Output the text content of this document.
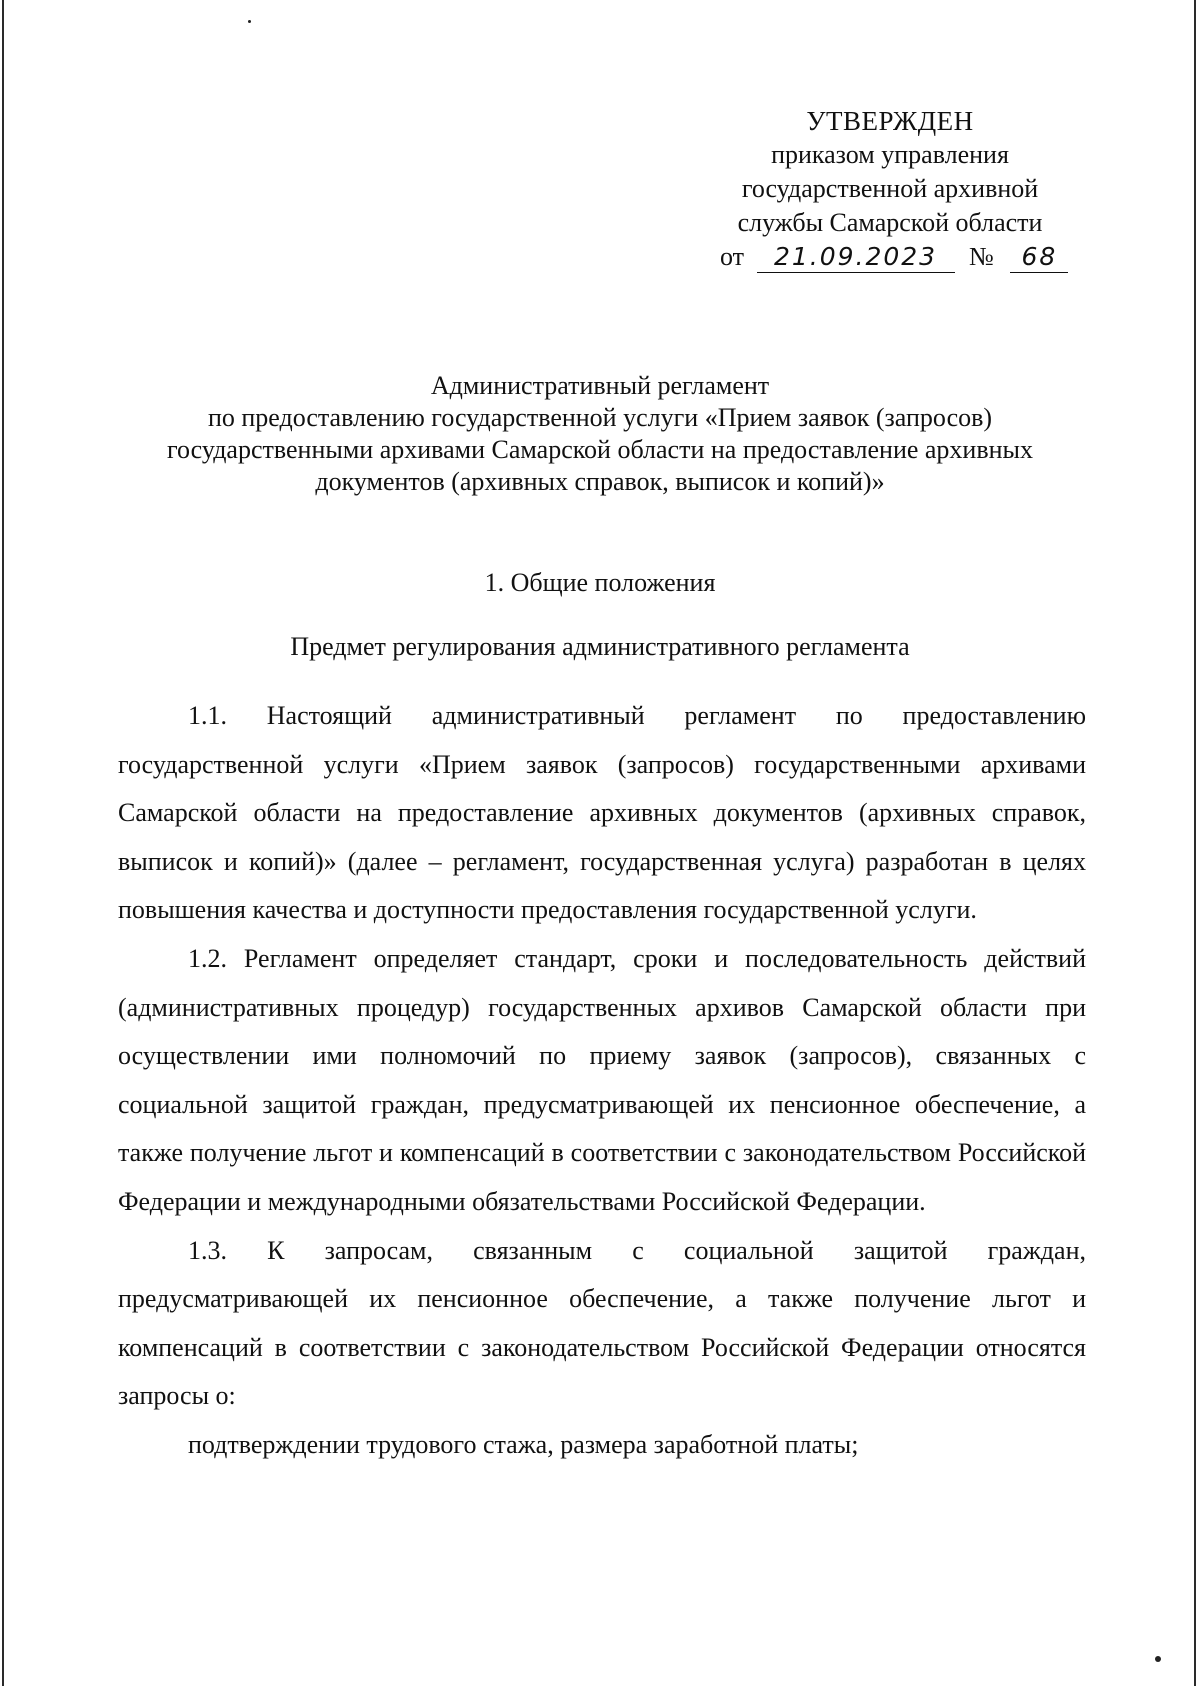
УТВЕРЖДЕН
приказом управления
государственной архивной
службы Самарской области
от 21.09.2023 № 68
Административный регламент
по предоставлению государственной услуги «Прием заявок (запросов)
государственными архивами Самарской области на предоставление архивных
документов (архивных справок, выписок и копий)»
1. Общие положения
Предмет регулирования административного регламента

1.1. Настоящий административный регламент по предоставлению государственной услуги «Прием заявок (запросов) государственными архивами Самарской области на предоставление архивных документов (архивных справок, выписок и копий)» (далее – регламент, государственная услуга) разработан в целях повышения качества и доступности предоставления государственной услуги.

1.2. Регламент определяет стандарт, сроки и последовательность действий (административных процедур) государственных архивов Самарской области при осуществлении ими полномочий по приему заявок (запросов), связанных с социальной защитой граждан, предусматривающей их пенсионное обеспечение, а также получение льгот и компенсаций в соответствии с законодательством Российской Федерации и международными обязательствами Российской Федерации.

1.3. К запросам, связанным с социальной защитой граждан, предусматривающей их пенсионное обеспечение, а также получение льгот и компенсаций в соответствии с законодательством Российской Федерации относятся запросы о:

подтверждении трудового стажа, размера заработной платы;
